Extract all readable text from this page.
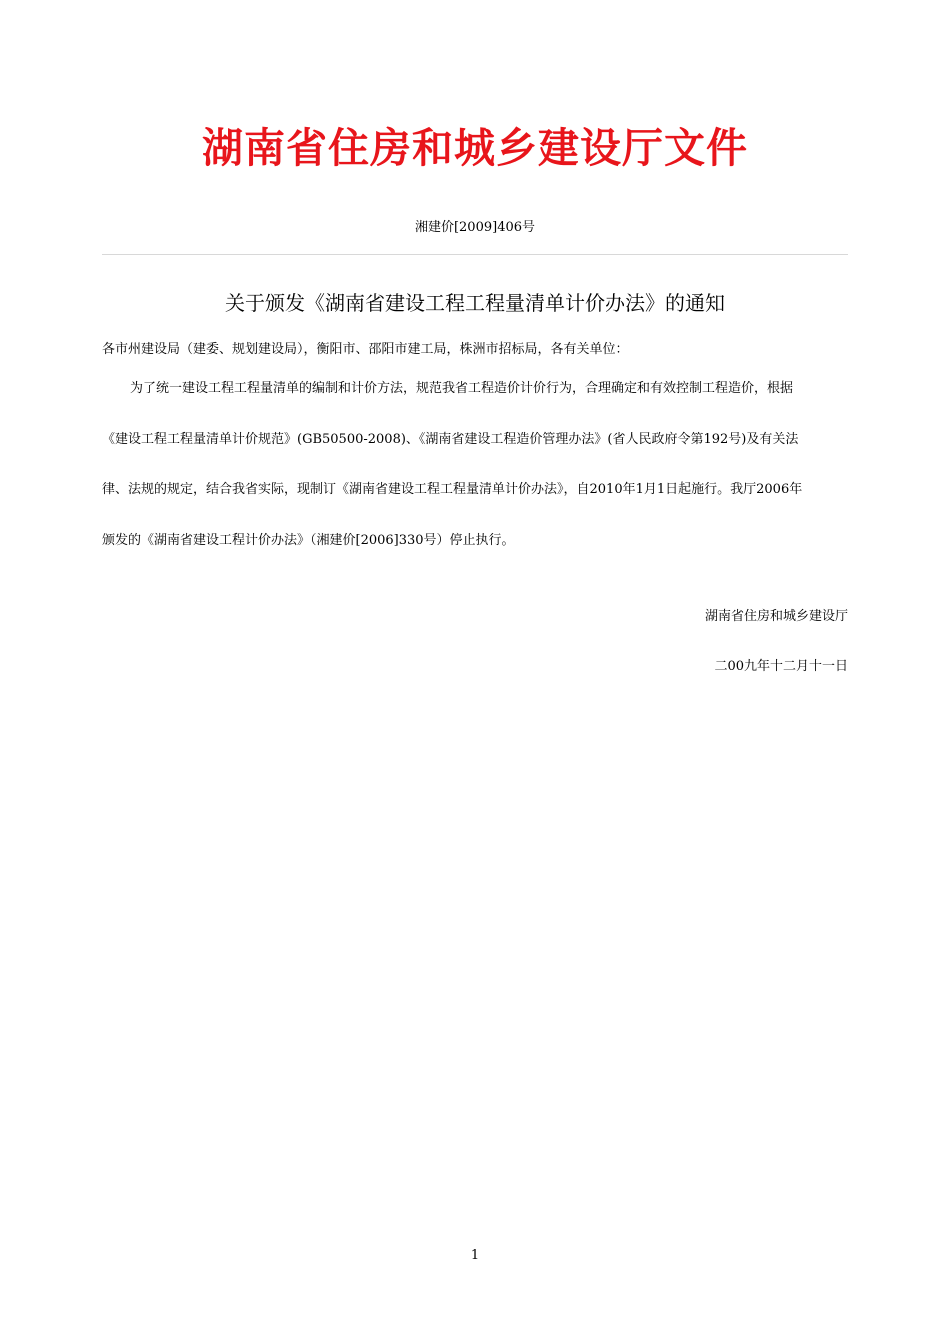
湖南省住房和城乡建设厅文件
湘建价[2009]406号
关于颁发《湖南省建设工程工程量清单计价办法》的通知
各市州建设局（建委、规划建设局），衡阳市、邵阳市建工局，株洲市招标局，各有关单位：
为了统一建设工程工程量清单的编制和计价方法，规范我省工程造价计价行为，合理确定和有效控制工程造价，根据
《建设工程工程量清单计价规范》(GB50500-2008)、《湖南省建设工程造价管理办法》(省人民政府令第192号)及有关法
律、法规的规定，结合我省实际，现制订《湖南省建设工程工程量清单计价办法》，自2010年1月1日起施行。我厅2006年
颁发的《湖南省建设工程计价办法》（湘建价[2006]330号）停止执行。
湖南省住房和城乡建设厅
二00九年十二月十一日
1
